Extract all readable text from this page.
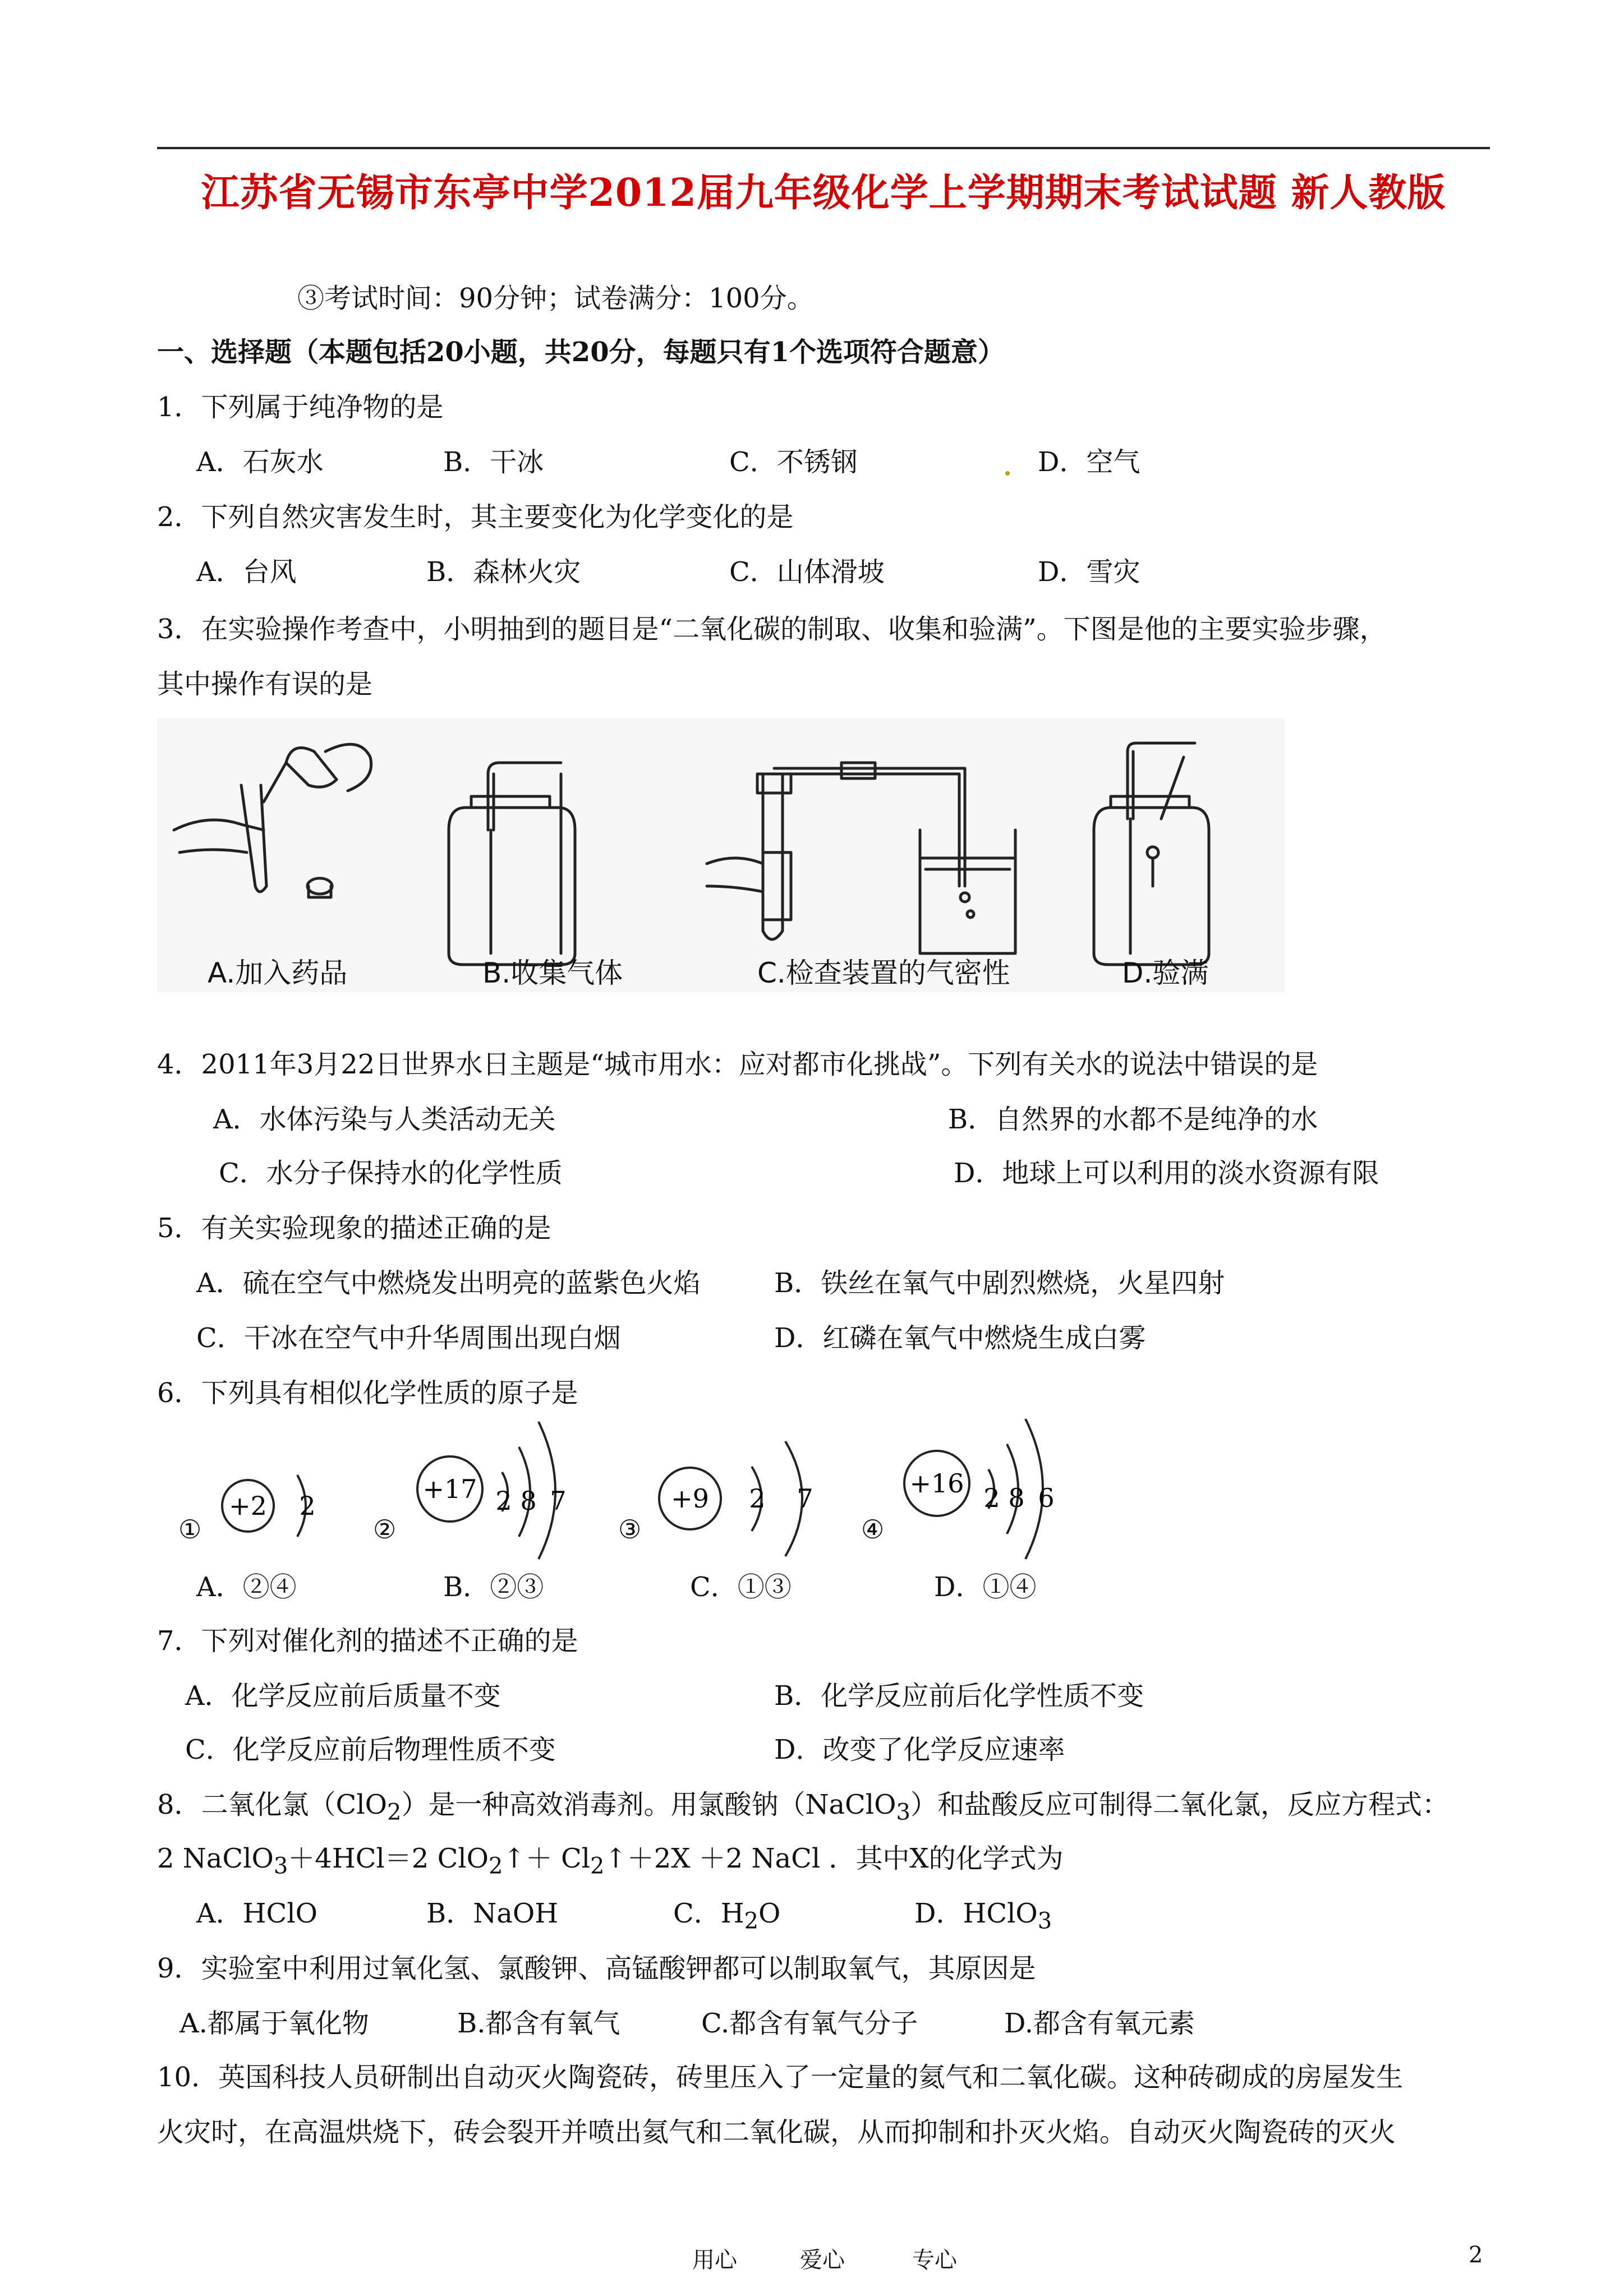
江苏省无锡市东亭中学2012届九年级化学上学期期末考试试题 新人教版
③考试时间：90分钟；试卷满分：100分。
一、选择题（本题包括20小题，共20分，每题只有1个选项符合题意）
1．下列属于纯净物的是
A．石灰水	B．干冰	C．不锈钢	D．空气
2．下列自然灾害发生时，其主要变化为化学变化的是
A．台风	B．森林火灾	C．山体滑坡	D．雪灾
3．在实验操作考查中，小明抽到的题目是“二氧化碳的制取、收集和验满”。下图是他的主要实验步骤，
其中操作有误的是
A.加入药品	B.收集气体	C.检查装置的气密性	D.验满
4．2011年3月22日世界水日主题是“城市用水：应对都市化挑战”。下列有关水的说法中错误的是
A．水体污染与人类活动无关	B．自然界的水都不是纯净的水
C．水分子保持水的化学性质	D．地球上可以利用的淡水资源有限
5．有关实验现象的描述正确的是
A．硫在空气中燃烧发出明亮的蓝紫色火焰	B．铁丝在氧气中剧烈燃烧，火星四射
C．干冰在空气中升华周围出现白烟	D．红磷在氧气中燃烧生成白雾
6．下列具有相似化学性质的原子是
①
+2 2
②
+17 2 8 7
③
+9 2 7
④
+16 2 8 6
A．②④	B．②③	C．①③	D．①④
7．下列对催化剂的描述不正确的是
A．化学反应前后质量不变	B．化学反应前后化学性质不变
C．化学反应前后物理性质不变	D．改变了化学反应速率
8．二氧化氯（ClO$_2$）是一种高效消毒剂。用氯酸钠（NaClO$_3$）和盐酸反应可制得二氧化氯，反应方程式：
2 NaClO$_3$＋4HCl＝2 ClO$_2$↑＋ $Cl_2↑+2X +2$ NaCl ．其中X的化学式为
A．HClO	B．NaOH	C．$H_2O$	D．HClO$_3$
9．实验室中利用过氧化氢、氯酸钾、高锰酸钾都可以制取氧气，其原因是
A.都属于氧化物	B.都含有氧气	C.都含有氧气分子	D.都含有氧元素
10．英国科技人员研制出自动灭火陶瓷砖，砖里压入了一定量的氦气和二氧化碳。这种砖砌成的房屋发生
火灾时，在高温烘烧下，砖会裂开并喷出氦气和二氧化碳，从而抑制和扑灭火焰。自动灭火陶瓷砖的灭火
用心	爱心	专心	2
